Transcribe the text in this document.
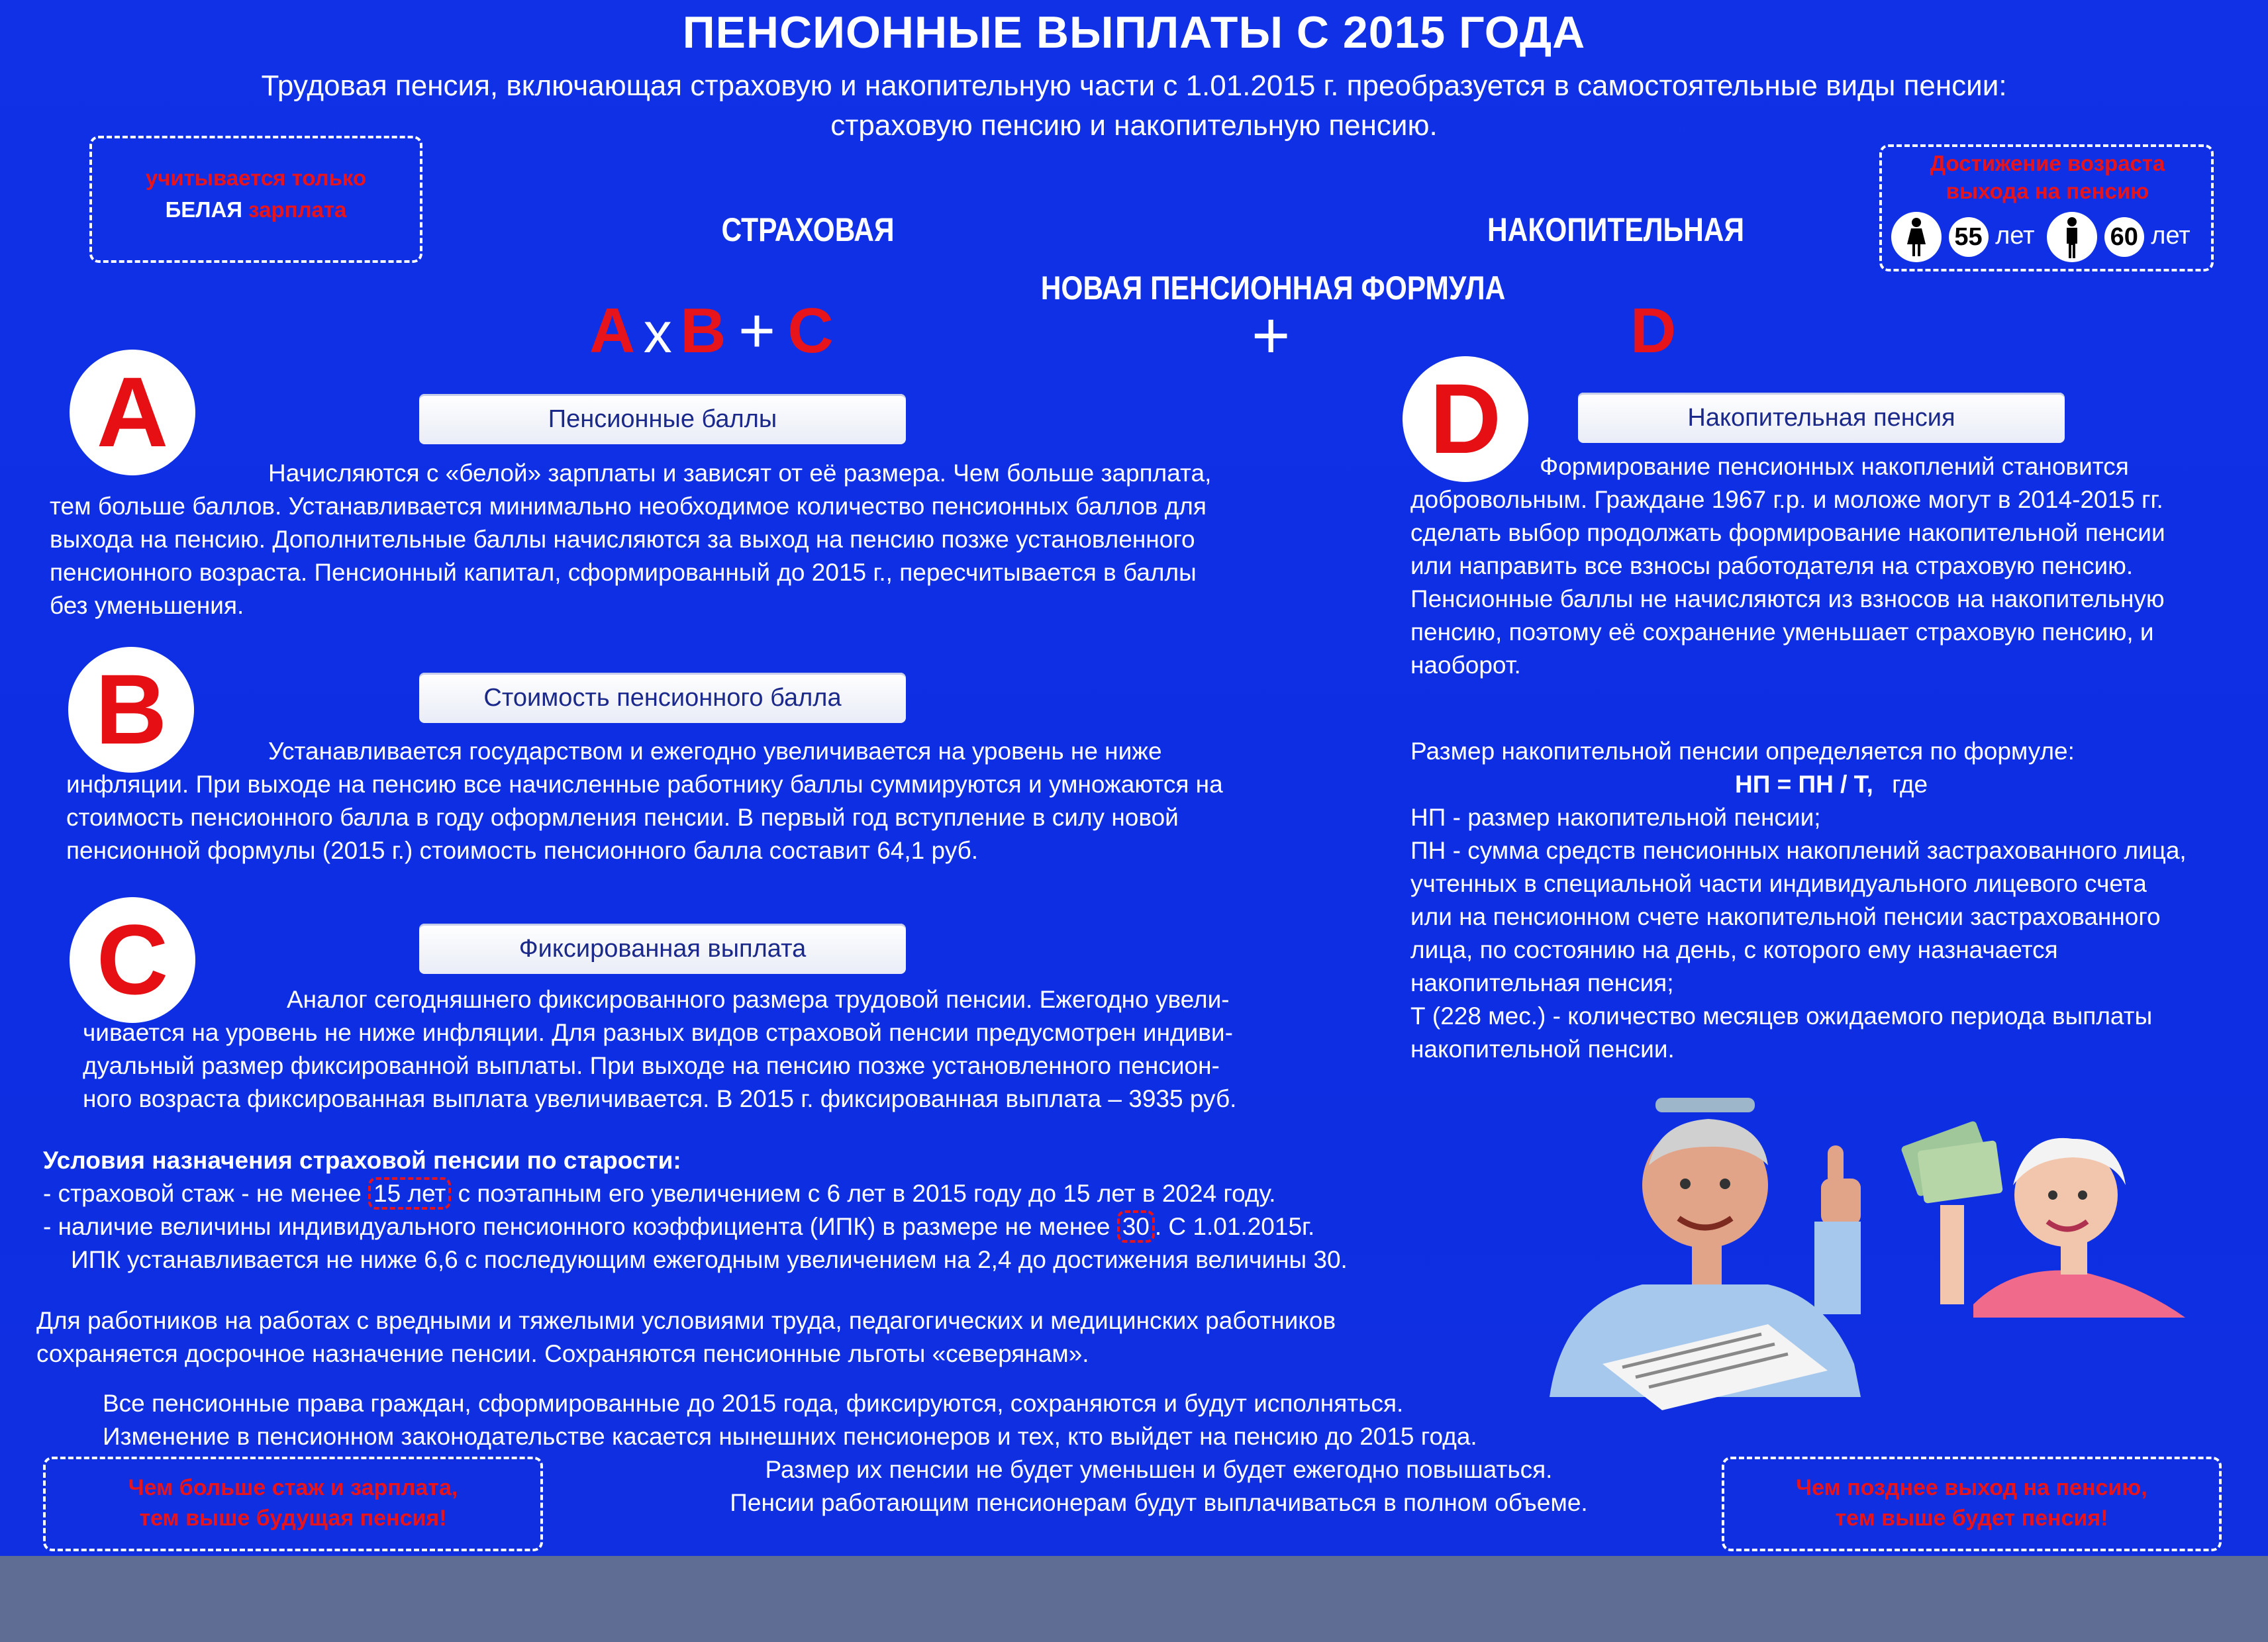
ПЕНСИОННЫЕ ВЫПЛАТЫ С 2015 ГОДА
Трудовая пенсия, включающая страховую и накопительную части с 1.01.2015 г. преобразуется в самостоятельные виды пенсии:
страховую пенсию и накопительную пенсию.
учитывается только
БЕЛАЯ зарплата
Достижение возраста выхода на пенсию
55 лет	60 лет
СТРАХОВАЯ	НАКОПИТЕЛЬНАЯ
НОВАЯ ПЕНСИОННАЯ ФОРМУЛА
A x B + C	+	D
A	Пенсионные баллы

Начисляются с «белой» зарплаты и зависят от её размера. Чем больше зарплата,

тем больше баллов. Устанавливается минимально необходимое количество пенсионных баллов для

выхода на пенсию. Дополнительные баллы начисляются за выход на пенсию позже установленного

пенсионного возраста. Пенсионный капитал, сформированный до 2015 г., пересчитывается в баллы

без уменьшения.

B	Стоимость пенсионного балла

Устанавливается государством и ежегодно увеличивается на уровень не ниже

инфляции. При выходе на пенсию все начисленные работнику баллы суммируются и умножаются на

стоимость пенсионного балла в году оформления пенсии. В первый год вступление в силу новой

пенсионной формулы (2015 г.) стоимость пенсионного балла составит 64,1 руб.

C	Фиксированная выплата

Аналог сегодняшнего фиксированного размера трудовой пенсии. Ежегодно увели-

чивается на уровень не ниже инфляции. Для разных видов страховой пенсии предусмотрен индиви-

дуальный размер фиксированной выплаты. При выходе на пенсию позже установленного пенсион-

ного возраста фиксированная выплата увеличивается. В 2015 г. фиксированная выплата – 3935 руб.

D	Накопительная пенсия

Формирование пенсионных накоплений становится

добровольным. Граждане 1967 г.р. и моложе могут в 2014-2015 гг.

сделать выбор продолжать формирование накопительной пенсии

или направить все взносы работодателя на страховую пенсию.

Пенсионные баллы не начисляются из взносов на накопительную

пенсию, поэтому её сохранение уменьшает страховую пенсию, и

наоборот.

Размер накопительной пенсии определяется по формуле:

НП = ПН / Т, где

НП - размер накопительной пенсии;

ПН - сумма средств пенсионных накоплений застрахованного лица,

учтенных в специальной части индивидуального лицевого счета

или на пенсионном счете накопительной пенсии застрахованного

лица, по состоянию на день, с которого ему назначается

накопительная пенсия;

Т (228 мес.) - количество месяцев ожидаемого периода выплаты

накопительной пенсии.

Условия назначения страховой пенсии по старости:

- страховой стаж - не менее 15 лет с поэтапным его увеличением с 6 лет в 2015 году до 15 лет в 2024 году.

- наличие величины индивидуального пенсионного коэффициента (ИПК) в размере не менее 30 . С 1.01.2015г.

ИПК устанавливается не ниже 6,6 с последующим ежегодным увеличением на 2,4 до достижения величины 30.

Для работников на работах с вредными и тяжелыми условиями труда, педагогических и медицинских работников

сохраняется досрочное назначение пенсии. Сохраняются пенсионные льготы «северянам».

Все пенсионные права граждан, сформированные до 2015 года, фиксируются, сохраняются и будут исполняться.

Изменение в пенсионном законодательстве касается нынешних пенсионеров и тех, кто выйдет на пенсию до 2015 года.

Размер их пенсии не будет уменьшен и будет ежегодно повышаться.

Пенсии работающим пенсионерам будут выплачиваться в полном объеме.

Чем больше стаж и зарплата,
тем выше будущая пенсия!
Чем позднее выход на пенсию,
тем выше будет пенсия!
